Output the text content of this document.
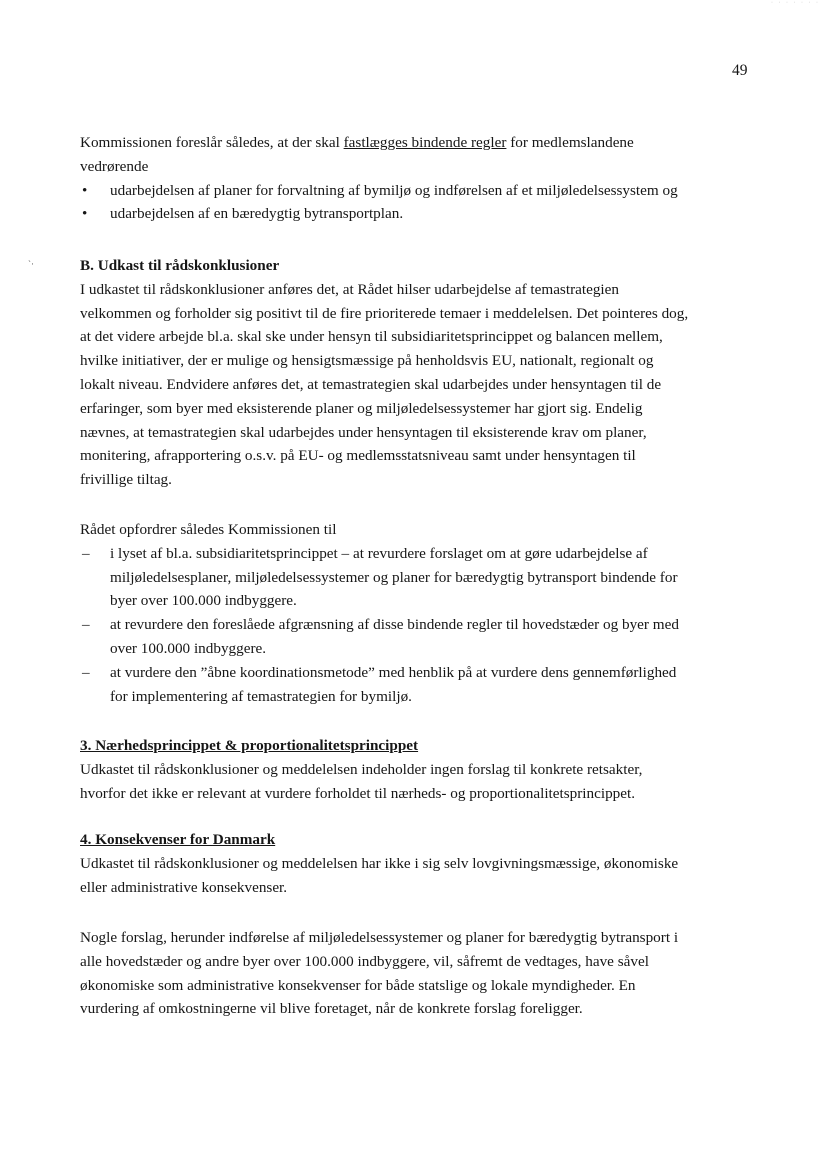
· · · · · · ·
49
`·
Kommissionen foreslår således, at der skal fastlægges bindende regler for medlemslandene
vedrørende
• udarbejdelsen af planer for forvaltning af bymiljø og indførelsen af et miljøledelsessystem og
• udarbejdelsen af en bæredygtig bytransportplan.
B. Udkast til rådskonklusioner
I udkastet til rådskonklusioner anføres det, at Rådet hilser udarbejdelse af temastrategien
velkommen og forholder sig positivt til de fire prioriterede temaer i meddelelsen. Det pointeres dog,
at det videre arbejde bl.a. skal ske under hensyn til subsidiaritetsprincippet og balancen mellem,
hvilke initiativer, der er mulige og hensigtsmæssige på henholdsvis EU, nationalt, regionalt og
lokalt niveau. Endvidere anføres det, at temastrategien skal udarbejdes under hensyntagen til de
erfaringer, som byer med eksisterende planer og miljøledelsessystemer har gjort sig. Endelig
nævnes, at temastrategien skal udarbejdes under hensyntagen til eksisterende krav om planer,
monitering, afrapportering o.s.v. på EU- og medlemsstatsniveau samt under hensyntagen til
frivillige tiltag.
Rådet opfordrer således Kommissionen til
– i lyset af bl.a. subsidiaritetsprincippet – at revurdere forslaget om at gøre udarbejdelse af
miljøledelsesplaner, miljøledelsessystemer og planer for bæredygtig bytransport bindende for
byer over 100.000 indbyggere.
– at revurdere den foreslåede afgrænsning af disse bindende regler til hovedstæder og byer med
over 100.000 indbyggere.
– at vurdere den ”åbne koordinationsmetode” med henblik på at vurdere dens gennemførlighed
for implementering af temastrategien for bymiljø.
3. Nærhedsprincippet & proportionalitetsprincippet
Udkastet til rådskonklusioner og meddelelsen indeholder ingen forslag til konkrete retsakter,
hvorfor det ikke er relevant at vurdere forholdet til nærheds- og proportionalitetsprincippet.
4. Konsekvenser for Danmark
Udkastet til rådskonklusioner og meddelelsen har ikke i sig selv lovgivningsmæssige, økonomiske
eller administrative konsekvenser.
Nogle forslag, herunder indførelse af miljøledelsessystemer og planer for bæredygtig bytransport i
alle hovedstæder og andre byer over 100.000 indbyggere, vil, såfremt de vedtages, have såvel
økonomiske som administrative konsekvenser for både statslige og lokale myndigheder. En
vurdering af omkostningerne vil blive foretaget, når de konkrete forslag foreligger.
